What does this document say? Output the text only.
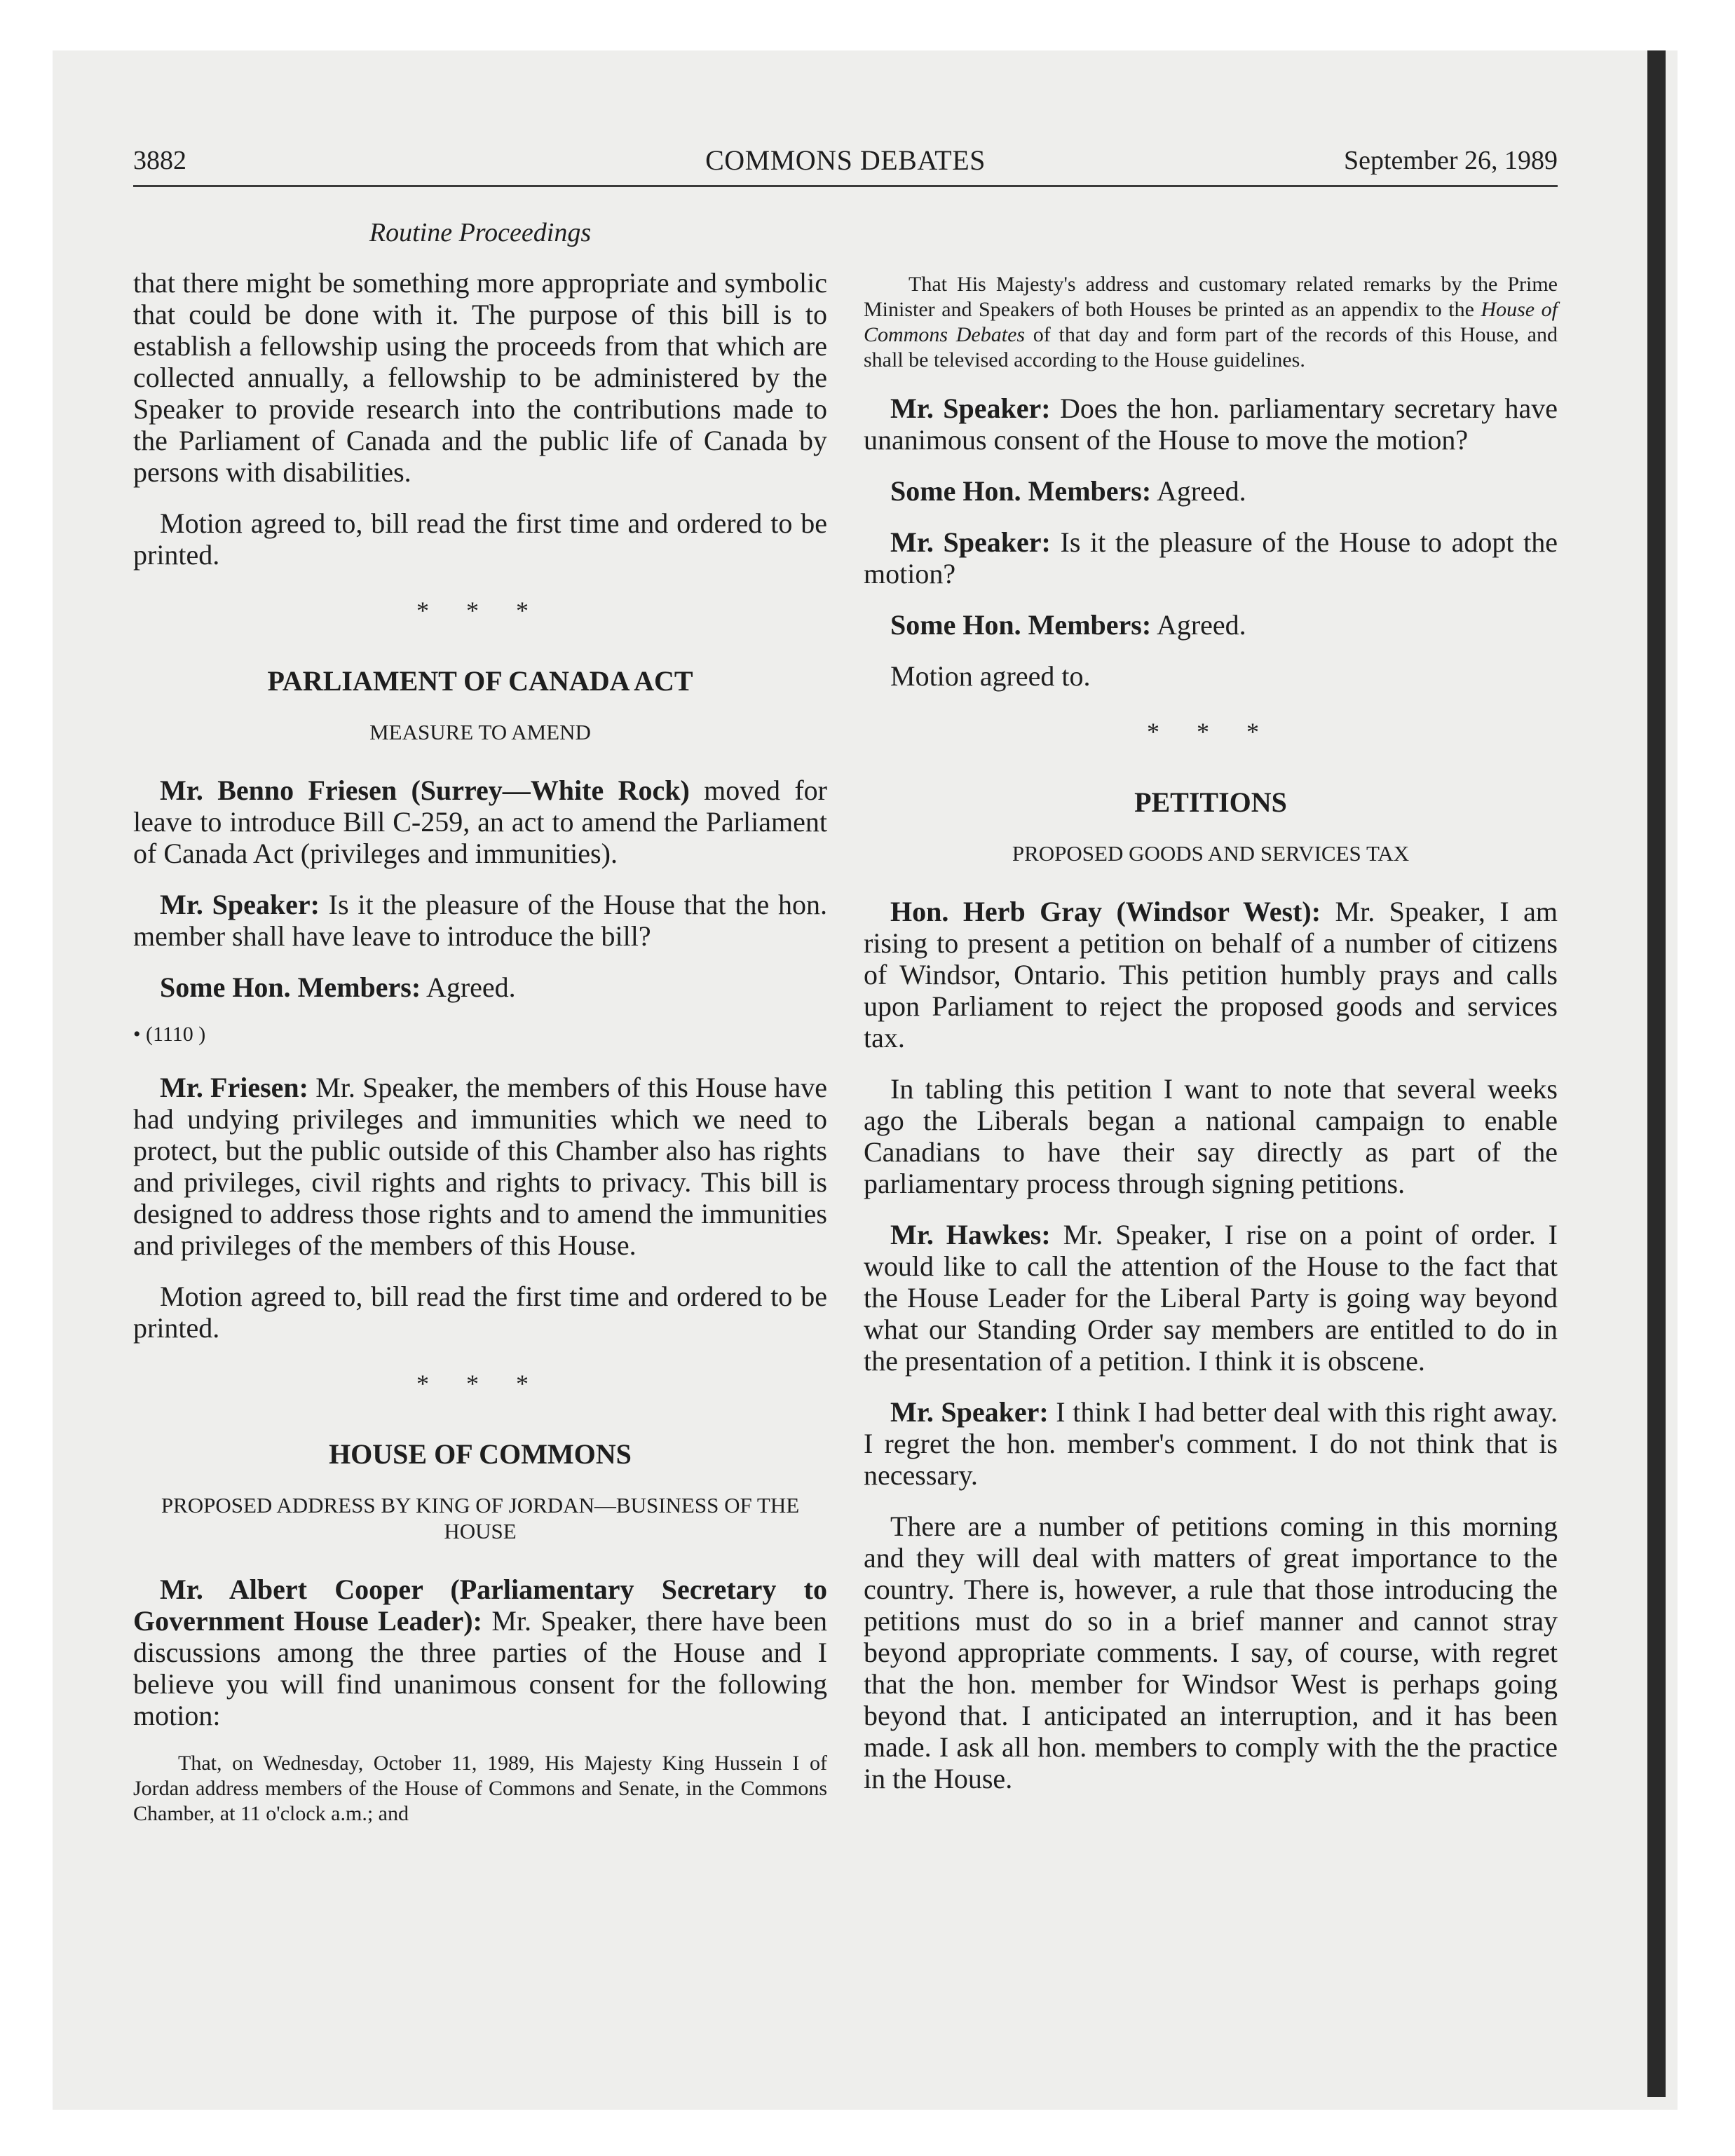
3882	COMMONS DEBATES	September 26, 1989
Routine Proceedings

that there might be something more appropriate and symbolic that could be done with it. The purpose of this bill is to establish a fellowship using the proceeds from that which are collected annually, a fellowship to be administered by the Speaker to provide research into the contributions made to the Parliament of Canada and the public life of Canada by persons with disabilities.

Motion agreed to, bill read the first time and ordered to be printed.

* * *
PARLIAMENT OF CANADA ACT
MEASURE TO AMEND

Mr. Benno Friesen (Surrey—White Rock) moved for leave to introduce Bill C-259, an act to amend the Parliament of Canada Act (privileges and immunities).

Mr. Speaker: Is it the pleasure of the House that the hon. member shall have leave to introduce the bill?

Some Hon. Members: Agreed.

• (1110 )

Mr. Friesen: Mr. Speaker, the members of this House have had undying privileges and immunities which we need to protect, but the public outside of this Chamber also has rights and privileges, civil rights and rights to privacy. This bill is designed to address those rights and to amend the immunities and privileges of the members of this House.

Motion agreed to, bill read the first time and ordered to be printed.

* * *
HOUSE OF COMMONS
PROPOSED ADDRESS BY KING OF JORDAN—BUSINESS OF THE HOUSE

Mr. Albert Cooper (Parliamentary Secretary to Government House Leader): Mr. Speaker, there have been discussions among the three parties of the House and I believe you will find unanimous consent for the following motion:

That, on Wednesday, October 11, 1989, His Majesty King Hussein I of Jordan address members of the House of Commons and Senate, in the Commons Chamber, at 11 o'clock a.m.; and

That His Majesty's address and customary related remarks by the Prime Minister and Speakers of both Houses be printed as an appendix to the House of Commons Debates of that day and form part of the records of this House, and shall be televised according to the House guidelines.

Mr. Speaker: Does the hon. parliamentary secretary have unanimous consent of the House to move the motion?

Some Hon. Members: Agreed.

Mr. Speaker: Is it the pleasure of the House to adopt the motion?

Some Hon. Members: Agreed.

Motion agreed to.

* * *
PETITIONS
PROPOSED GOODS AND SERVICES TAX

Hon. Herb Gray (Windsor West): Mr. Speaker, I am rising to present a petition on behalf of a number of citizens of Windsor, Ontario. This petition humbly prays and calls upon Parliament to reject the proposed goods and services tax.

In tabling this petition I want to note that several weeks ago the Liberals began a national campaign to enable Canadians to have their say directly as part of the parliamentary process through signing petitions.

Mr. Hawkes: Mr. Speaker, I rise on a point of order. I would like to call the attention of the House to the fact that the House Leader for the Liberal Party is going way beyond what our Standing Order say members are entitled to do in the presentation of a petition. I think it is obscene.

Mr. Speaker: I think I had better deal with this right away. I regret the hon. member's comment. I do not think that is necessary.

There are a number of petitions coming in this morning and they will deal with matters of great importance to the country. There is, however, a rule that those introducing the petitions must do so in a brief manner and cannot stray beyond appropriate comments. I say, of course, with regret that the hon. member for Windsor West is perhaps going beyond that. I anticipated an interruption, and it has been made. I ask all hon. members to comply with the the practice in the House.
